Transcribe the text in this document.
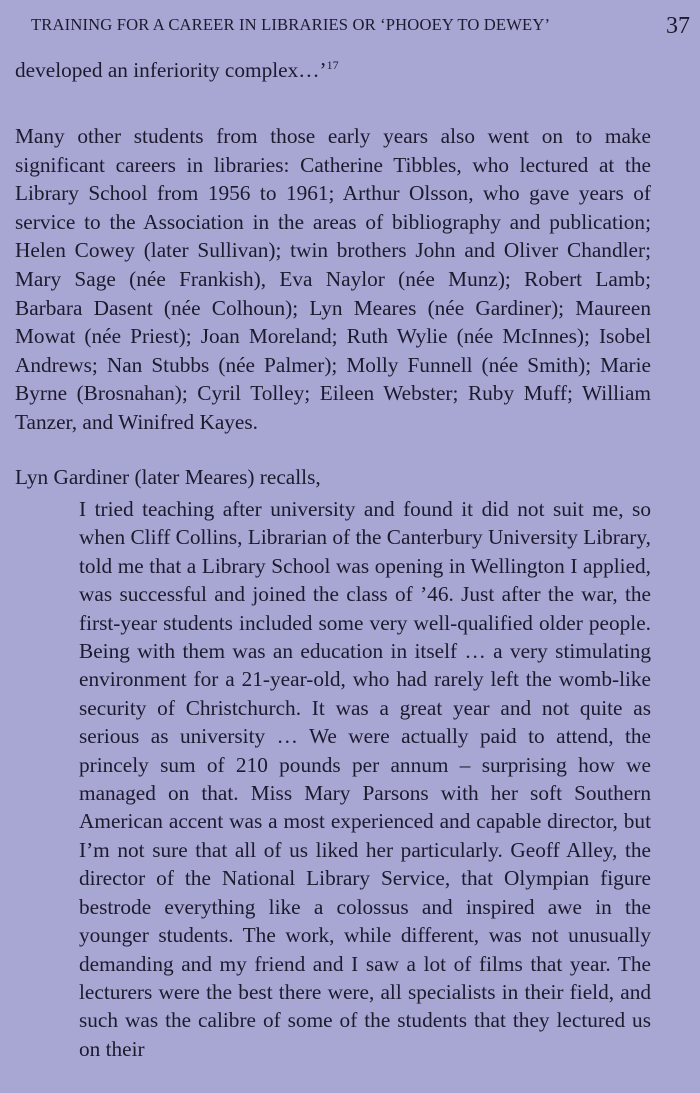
TRAINING FOR A CAREER IN LIBRARIES OR ‘PHOOEY TO DEWEY’	37

developed an inferiority complex…’$^{17}$

Many other students from those early years also went on to make significant careers in libraries: Catherine Tibbles, who lectured at the Library School from 1956 to 1961; Arthur Olsson, who gave years of service to the Association in the areas of bibliography and publication; Helen Cowey (later Sullivan); twin brothers John and Oliver Chandler; Mary Sage (née Frankish), Eva Naylor (née Munz); Robert Lamb; Barbara Dasent (née Colhoun); Lyn Meares (née Gardiner); Maureen Mowat (née Priest); Joan Moreland; Ruth Wylie (née McInnes); Isobel Andrews; Nan Stubbs (née Palmer); Molly Funnell (née Smith); Marie Byrne (Brosnahan); Cyril Tolley; Eileen Webster; Ruby Muff; William Tanzer, and Winifred Kayes.

Lyn Gardiner (later Meares) recalls,

I tried teaching after university and found it did not suit me, so when Cliff Collins, Librarian of the Canterbury University Library, told me that a Library School was opening in Wellington I applied, was successful and joined the class of ’46. Just after the war, the first-year students included some very well-qualified older people. Being with them was an education in itself … a very stimulating environment for a 21-year-old, who had rarely left the womb-like security of Christchurch. It was a great year and not quite as serious as university … We were actually paid to attend, the princely sum of 210 pounds per annum – surprising how we managed on that. Miss Mary Parsons with her soft Southern American accent was a most experienced and capable director, but I’m not sure that all of us liked her particularly. Geoff Alley, the director of the National Library Service, that Olympian figure bestrode everything like a colossus and inspired awe in the younger students. The work, while different, was not unusually demanding and my friend and I saw a lot of films that year. The lecturers were the best there were, all specialists in their field, and such was the calibre of some of the students that they lectured us on their
